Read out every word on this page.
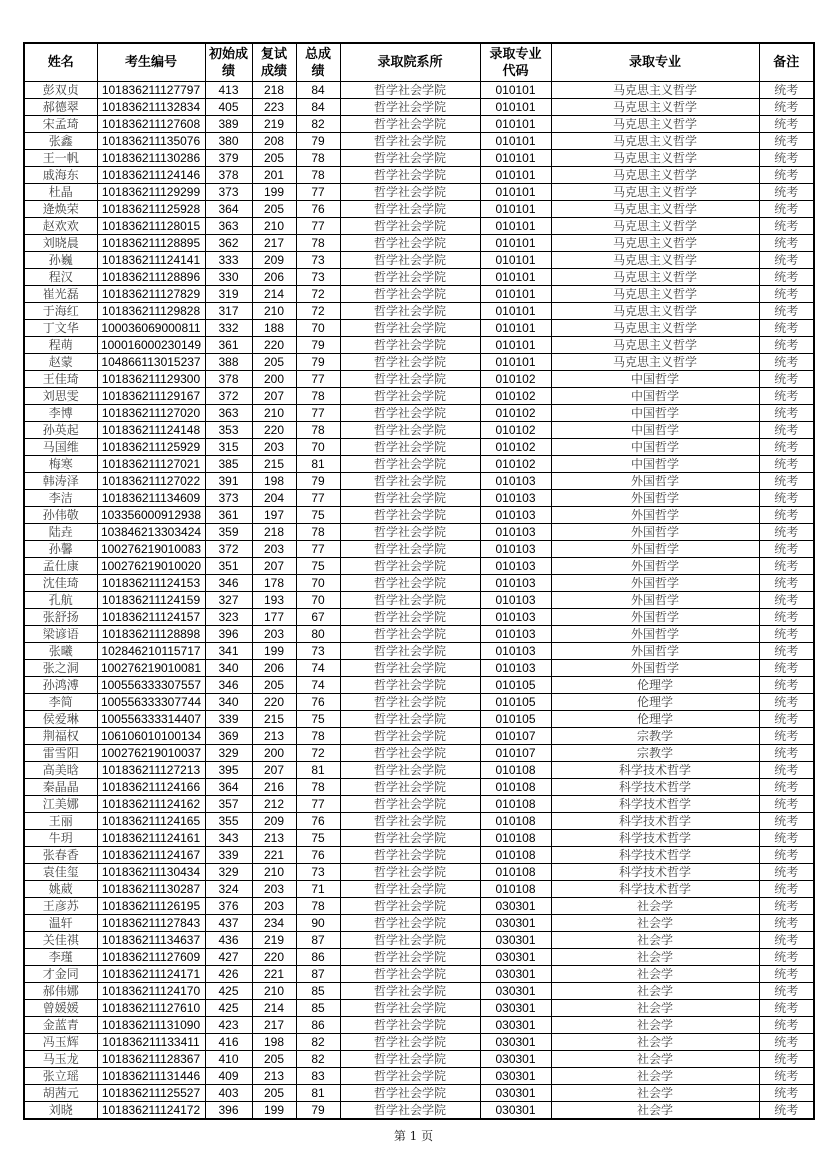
姓名	考生编号	初始成绩	复试成绩	总成绩	录取院系所	录取专业代码	录取专业	备注
彭双贞	101836211127797	413	218	84	哲学社会学院	010101	马克思主义哲学	统考
郝德翠	101836211132834	405	223	84	哲学社会学院	010101	马克思主义哲学	统考
宋孟琦	101836211127608	389	219	82	哲学社会学院	010101	马克思主义哲学	统考
张鑫	101836211135076	380	208	79	哲学社会学院	010101	马克思主义哲学	统考
王一帆	101836211130286	379	205	78	哲学社会学院	010101	马克思主义哲学	统考
戚海东	101836211124146	378	201	78	哲学社会学院	010101	马克思主义哲学	统考
杜晶	101836211129299	373	199	77	哲学社会学院	010101	马克思主义哲学	统考
逄焕荣	101836211125928	364	205	76	哲学社会学院	010101	马克思主义哲学	统考
赵欢欢	101836211128015	363	210	77	哲学社会学院	010101	马克思主义哲学	统考
刘晓晨	101836211128895	362	217	78	哲学社会学院	010101	马克思主义哲学	统考
孙巍	101836211124141	333	209	73	哲学社会学院	010101	马克思主义哲学	统考
程汉	101836211128896	330	206	73	哲学社会学院	010101	马克思主义哲学	统考
崔光磊	101836211127829	319	214	72	哲学社会学院	010101	马克思主义哲学	统考
于海红	101836211129828	317	210	72	哲学社会学院	010101	马克思主义哲学	统考
丁文华	100036069000811	332	188	70	哲学社会学院	010101	马克思主义哲学	统考
程萌	100016000230149	361	220	79	哲学社会学院	010101	马克思主义哲学	统考
赵蒙	104866113015237	388	205	79	哲学社会学院	010101	马克思主义哲学	统考
王佳琦	101836211129300	378	200	77	哲学社会学院	010102	中国哲学	统考
刘思雯	101836211129167	372	207	78	哲学社会学院	010102	中国哲学	统考
李博	101836211127020	363	210	77	哲学社会学院	010102	中国哲学	统考
孙英起	101836211124148	353	220	78	哲学社会学院	010102	中国哲学	统考
马国维	101836211125929	315	203	70	哲学社会学院	010102	中国哲学	统考
梅寒	101836211127021	385	215	81	哲学社会学院	010102	中国哲学	统考
韩涛泽	101836211127022	391	198	79	哲学社会学院	010103	外国哲学	统考
李洁	101836211134609	373	204	77	哲学社会学院	010103	外国哲学	统考
孙伟敬	103356000912938	361	197	75	哲学社会学院	010103	外国哲学	统考
陆垚	103846213303424	359	218	78	哲学社会学院	010103	外国哲学	统考
孙馨	100276219010083	372	203	77	哲学社会学院	010103	外国哲学	统考
孟仕康	100276219010020	351	207	75	哲学社会学院	010103	外国哲学	统考
沈佳琦	101836211124153	346	178	70	哲学社会学院	010103	外国哲学	统考
孔航	101836211124159	327	193	70	哲学社会学院	010103	外国哲学	统考
张舒扬	101836211124157	323	177	67	哲学社会学院	010103	外国哲学	统考
梁谚语	101836211128898	396	203	80	哲学社会学院	010103	外国哲学	统考
张曦	102846210115717	341	199	73	哲学社会学院	010103	外国哲学	统考
张之洞	100276219010081	340	206	74	哲学社会学院	010103	外国哲学	统考
孙鸿溥	100556333307557	346	205	74	哲学社会学院	010105	伦理学	统考
李简	100556333307744	340	220	76	哲学社会学院	010105	伦理学	统考
侯爱琳	100556333314407	339	215	75	哲学社会学院	010105	伦理学	统考
荆福权	106106010100134	369	213	78	哲学社会学院	010107	宗教学	统考
雷雪阳	100276219010037	329	200	72	哲学社会学院	010107	宗教学	统考
高美晗	101836211127213	395	207	81	哲学社会学院	010108	科学技术哲学	统考
秦晶晶	101836211124166	364	216	78	哲学社会学院	010108	科学技术哲学	统考
江美娜	101836211124162	357	212	77	哲学社会学院	010108	科学技术哲学	统考
王丽	101836211124165	355	209	76	哲学社会学院	010108	科学技术哲学	统考
牛玥	101836211124161	343	213	75	哲学社会学院	010108	科学技术哲学	统考
张春香	101836211124167	339	221	76	哲学社会学院	010108	科学技术哲学	统考
袁佳玺	101836211130434	329	210	73	哲学社会学院	010108	科学技术哲学	统考
姚葳	101836211130287	324	203	71	哲学社会学院	010108	科学技术哲学	统考
王彦苏	101836211126195	376	203	78	哲学社会学院	030301	社会学	统考
温轩	101836211127843	437	234	90	哲学社会学院	030301	社会学	统考
关佳祺	101836211134637	436	219	87	哲学社会学院	030301	社会学	统考
李瑾	101836211127609	427	220	86	哲学社会学院	030301	社会学	统考
才金同	101836211124171	426	221	87	哲学社会学院	030301	社会学	统考
郝伟娜	101836211124170	425	210	85	哲学社会学院	030301	社会学	统考
曾媛媛	101836211127610	425	214	85	哲学社会学院	030301	社会学	统考
金蓝青	101836211131090	423	217	86	哲学社会学院	030301	社会学	统考
冯玉辉	101836211133411	416	198	82	哲学社会学院	030301	社会学	统考
马玉龙	101836211128367	410	205	82	哲学社会学院	030301	社会学	统考
张立瑶	101836211131446	409	213	83	哲学社会学院	030301	社会学	统考
胡茜元	101836211125527	403	205	81	哲学社会学院	030301	社会学	统考
刘晓	101836211124172	396	199	79	哲学社会学院	030301	社会学	统考
第 1 页
